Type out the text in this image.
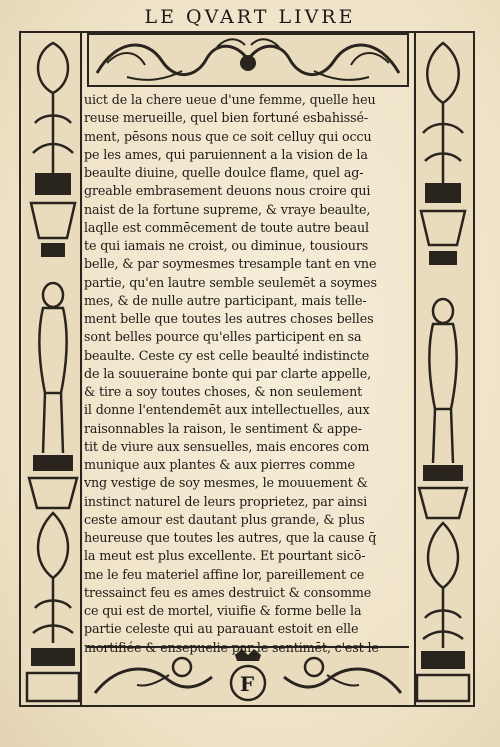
LE QVART LIVRE
F
uict de la chere ueue d'une femme, quelle heu
reuse merueille, quel bien fortuné esbahissé-
ment, pēsons nous que ce soit celluy qui occu
pe les ames, qui paruiennent a la vision de la
beaulte diuine, quelle doulce flame, quel ag-
greable embrasement deuons nous croire qui
naist de la fortune supreme, & vraye beaulte,
laqlle est commēcement de toute autre beaul
te qui iamais ne croist, ou diminue, tousiours
belle, & par soymesmes tresample tant en vne
partie, qu'en lautre semble seulemēt a soymes
mes, & de nulle autre participant, mais telle-
ment belle que toutes les autres choses belles
sont belles pource qu'elles participent en sa
beaulte. Ceste cy est celle beaulté indistincte
de la souueraine bonte qui par clarte appelle,
& tire a soy toutes choses, & non seulement
il donne l'entendemēt aux intellectuelles, aux
raisonnables la raison, le sentiment & appe-
tit de viure aux sensuelles, mais encores com
munique aux plantes & aux pierres comme
vng vestige de soy mesmes, le mouuement &
instinct naturel de leurs proprietez, par ainsi
ceste amour est dautant plus grande, & plus
heureuse que toutes les autres, que la cause q̄
la meut est plus excellente. Et pourtant sicō-
me le feu materiel affine lor, pareillement ce
tressainct feu es ames destruict & consomme
ce qui est de mortel, viuifie & forme belle la
partie celeste qui au parauant estoit en elle
mortifiée & ensepuelie par le sentimēt, c'est le
